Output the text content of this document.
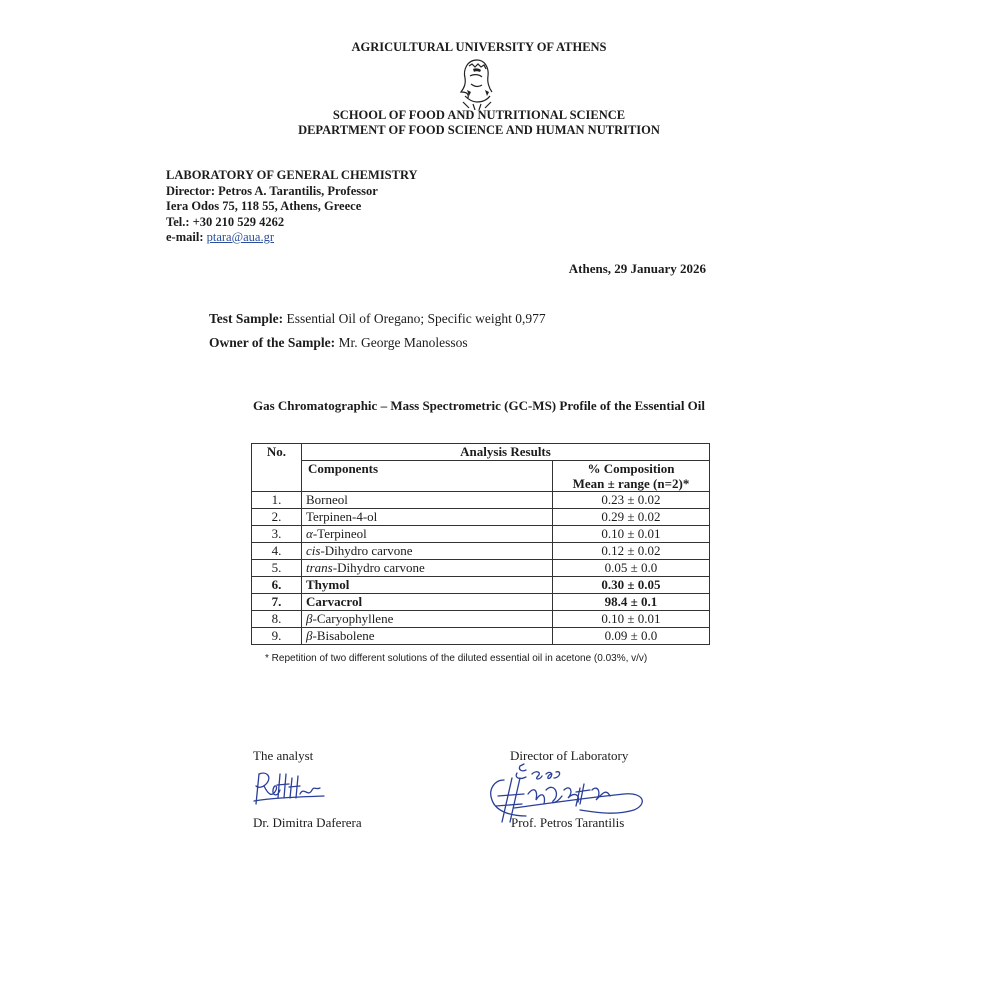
AGRICULTURAL UNIVERSITY OF ATHENS
SCHOOL OF FOOD AND NUTRITIONAL SCIENCE
DEPARTMENT OF FOOD SCIENCE AND HUMAN NUTRITION
LABORATORY OF GENERAL CHEMISTRY
Director: Petros A. Tarantilis, Professor
Iera Odos 75, 118 55, Athens, Greece
Tel.: +30 210 529 4262
e-mail: ptara@aua.gr
Athens, 29 January 2026
Test Sample: Essential Oil of Oregano; Specific weight 0,977
Owner of the Sample: Mr. George Manolessos
Gas Chromatographic – Mass Spectrometric (GC-MS) Profile of the Essential Oil
No.	Analysis Results	
	Components	% Composition
Mean ± range (n=2)*

1.	Borneol	0.23 ± 0.02
2.	Terpinen-4-ol	0.29 ± 0.02
3.	α-Terpineol	0.10 ± 0.01
4.	cis-Dihydro carvone	0.12 ± 0.02
5.	trans-Dihydro carvone	0.05 ± 0.0
6.	Thymol	0.30 ± 0.05
7.	Carvacrol	98.4 ± 0.1
8.	β-Caryophyllene	0.10 ± 0.01
9.	β-Bisabolene	0.09 ± 0.0
* Repetition of two different solutions of the diluted essential oil in acetone (0.03%, v/v)
The analyst
Dr. Dimitra Daferera
Director of Laboratory
Prof. Petros Tarantilis
